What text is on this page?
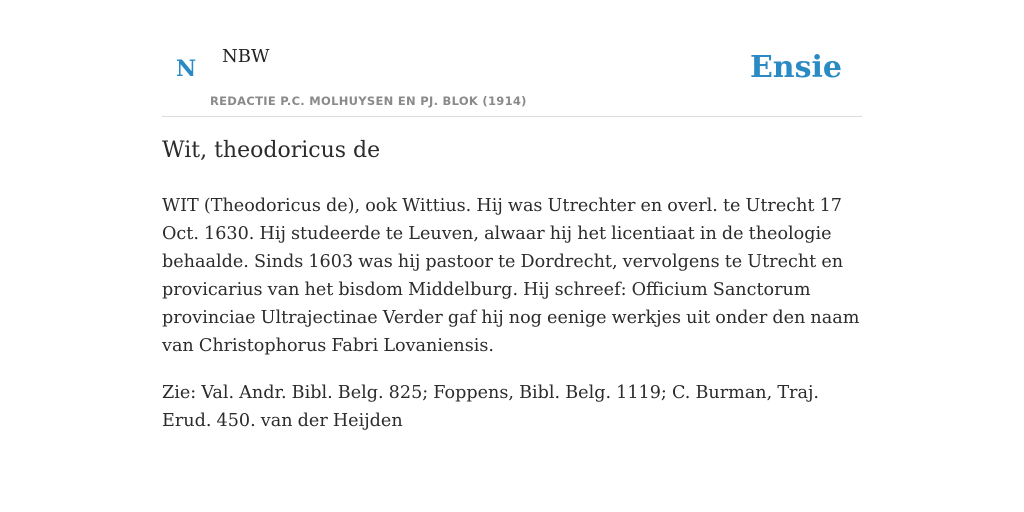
N NBW
REDACTIE P.C. MOLHUYSEN EN PJ. BLOK (1914)
Ensie
Wit, theodoricus de

WIT (Theodoricus de), ook Wittius. Hij was Utrechter en overl. te Utrecht 17 Oct. 1630. Hij studeerde te Leuven, alwaar hij het licentiaat in de theologie behaalde. Sinds 1603 was hij pastoor te Dordrecht, vervolgens te Utrecht en provicarius van het bisdom Middelburg. Hij schreef: Officium Sanctorum provinciae Ultrajectinae Verder gaf hij nog eenige werkjes uit onder den naam van Christophorus Fabri Lovaniensis.

Zie: Val. Andr. Bibl. Belg. 825; Foppens, Bibl. Belg. 1119; C. Burman, Traj. Erud. 450. van der Heijden
